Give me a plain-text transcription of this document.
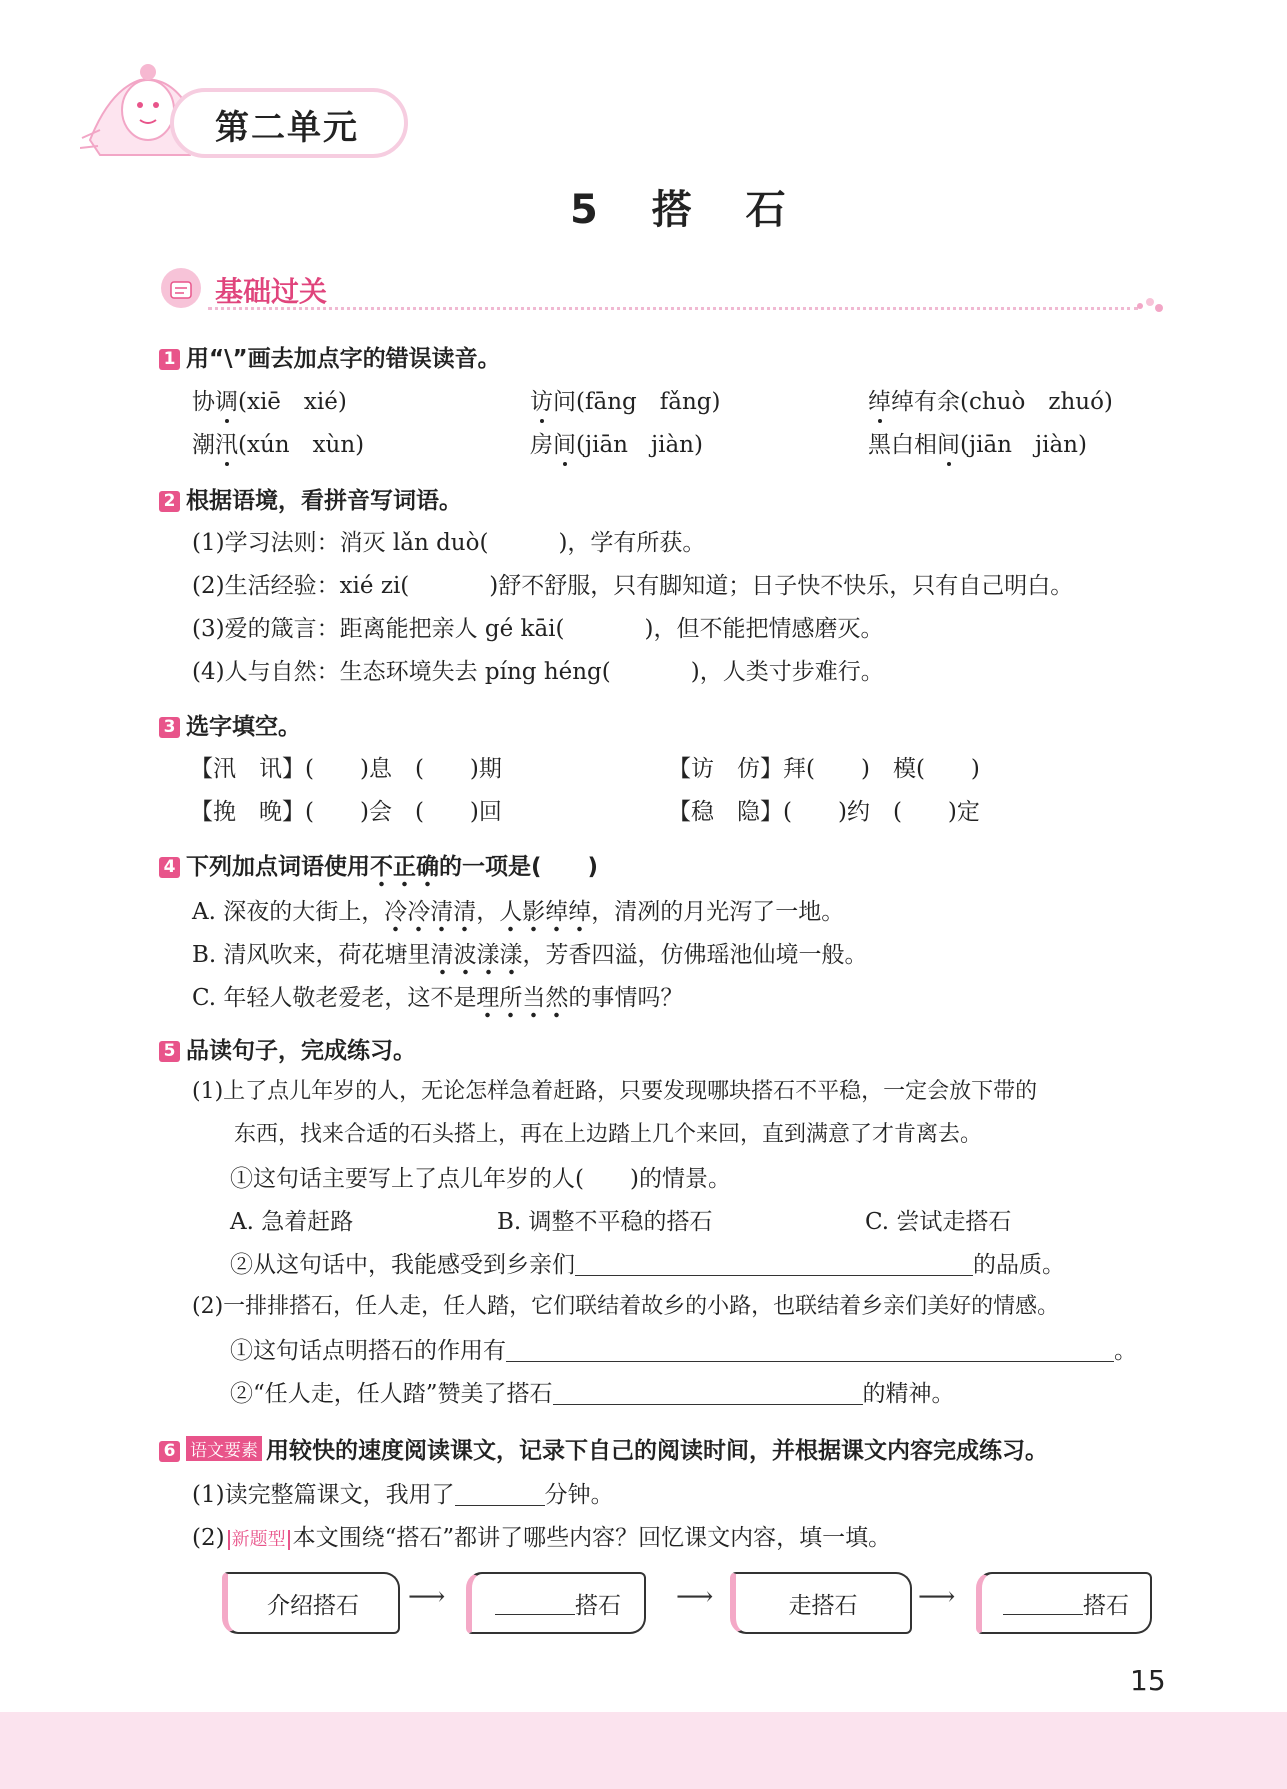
第二单元
5 搭 石
基础过关
1 用“\”画去加点字的错误读音。
协调(xiē　xié)	访问(fāng　fǎng)	绰绰有余(chuò　zhuó)
潮汛(xún　xùn)	房间(jiān　jiàn)	黑白相间(jiān　jiàn)
2 根据语境，看拼音写词语。
(1)学习法则：消灭 lǎn duò(	)，学有所获。
(2)生活经验：xié zi(	)舒不舒服，只有脚知道；日子快不快乐，只有自己明白。
(3)爱的箴言：距离能把亲人 gé kāi(	)，但不能把情感磨灭。
(4)人与自然：生态环境失去 píng héng(	)，人类寸步难行。
3 选字填空。
【汛　讯】(　　)息　(　　)期	【访　仿】拜(　　)　模(　　)
【挽　晚】(　　)会　(　　)回	【稳　隐】(　　)约　(　　)定
4 下列加点词语使用不正确的一项是(　　)
A. 深夜的大街上，冷冷清清，人影绰绰，清冽的月光泻了一地。
B. 清风吹来，荷花塘里清波漾漾，芳香四溢，仿佛瑶池仙境一般。
C. 年轻人敬老爱老，这不是理所当然的事情吗？
5 品读句子，完成练习。
(1)上了点儿年岁的人，无论怎样急着赶路，只要发现哪块搭石不平稳，一定会放下带的
东西，找来合适的石头搭上，再在上边踏上几个来回，直到满意了才肯离去。
①这句话主要写上了点儿年岁的人(　　)的情景。
A. 急着赶路	B. 调整不平稳的搭石	C. 尝试走搭石
②从这句话中，我能感受到乡亲们	的品质。
(2)一排排搭石，任人走，任人踏，它们联结着故乡的小路，也联结着乡亲们美好的情感。
①这句话点明搭石的作用有	。
②“任人走，任人踏”赞美了搭石	的精神。
6 语文要素 用较快的速度阅读课文，记录下自己的阅读时间，并根据课文内容完成练习。
(1)读完整篇课文，我用了	分钟。
(2) 新题型 本文围绕“搭石”都讲了哪些内容？回忆课文内容，填一填。
介绍搭石 ⟶	搭石 ⟶	走搭石 ⟶	搭石
15
